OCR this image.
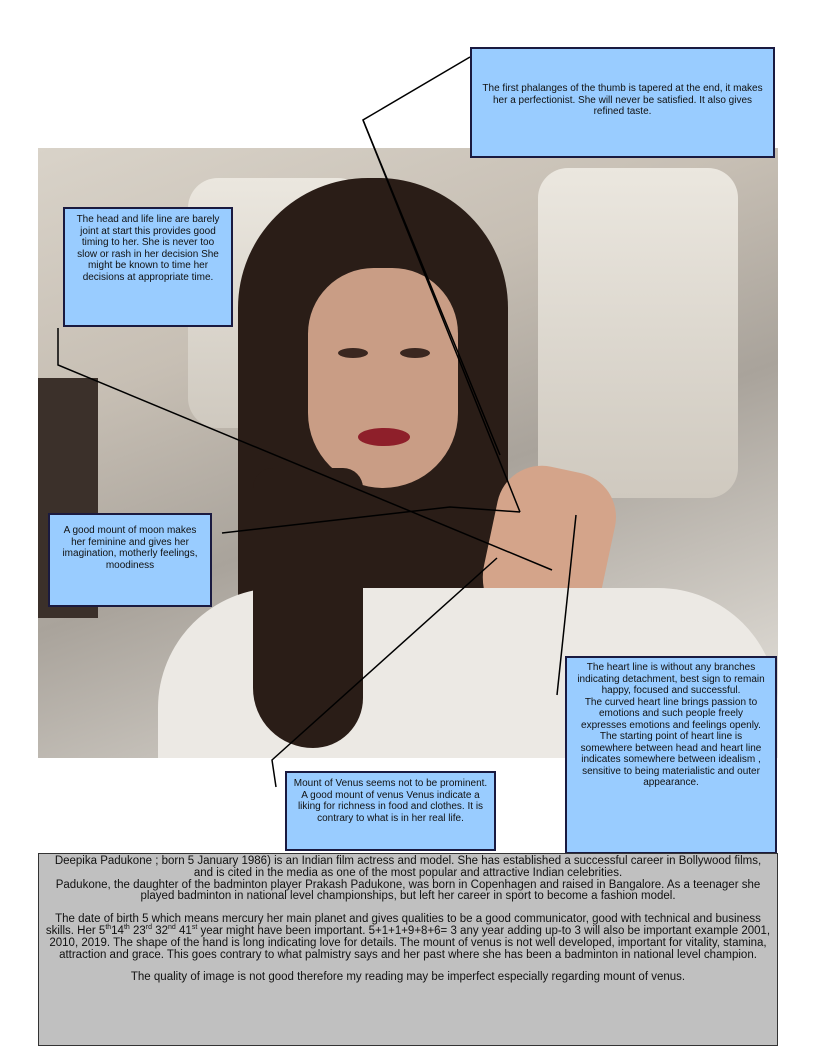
The first phalanges of the thumb is tapered at the end, it makes her a perfectionist. She will never be satisfied. It also gives refined taste.

The head and life line are barely joint at start this provides good timing to her. She is never too slow or rash in her decision She might be known to time her decisions at appropriate time.

A good mount of moon makes her feminine and gives her imagination, motherly feelings, moodiness

The heart line is without any branches indicating detachment, best sign to remain happy, focused and successful.

The curved heart line brings passion to emotions and such people freely expresses emotions and feelings openly. The starting point of heart line is somewhere between head and heart line indicates somewhere between idealism , sensitive to being materialistic and outer appearance.

Mount of Venus seems not to be prominent. A good mount of venus Venus indicate a liking for richness in food and clothes. It is contrary to what is in her real life.

Deepika Padukone ; born 5 January 1986) is an Indian film actress and model. She has established a successful career in Bollywood films, and is cited in the media as one of the most popular and attractive Indian celebrities.

Padukone, the daughter of the badminton player Prakash Padukone, was born in Copenhagen and raised in Bangalore. As a teenager she played badminton in national level championships, but left her career in sport to become a fashion model.

The date of birth 5 which means mercury her main planet and gives qualities to be a good communicator, good with technical and business skills. Her 5th14th 23rd 32nd 41st year might have been important. 5+1+1+9+8+6= 3 any year adding up-to 3 will also be important example 2001, 2010, 2019. The shape of the hand is long indicating love for details. The mount of venus is not well developed, important for vitality, stamina, attraction and grace. This goes contrary to what palmistry says and her past where she has been a badminton in national level champion.

The quality of image is not good therefore my reading may be imperfect especially regarding mount of venus.
